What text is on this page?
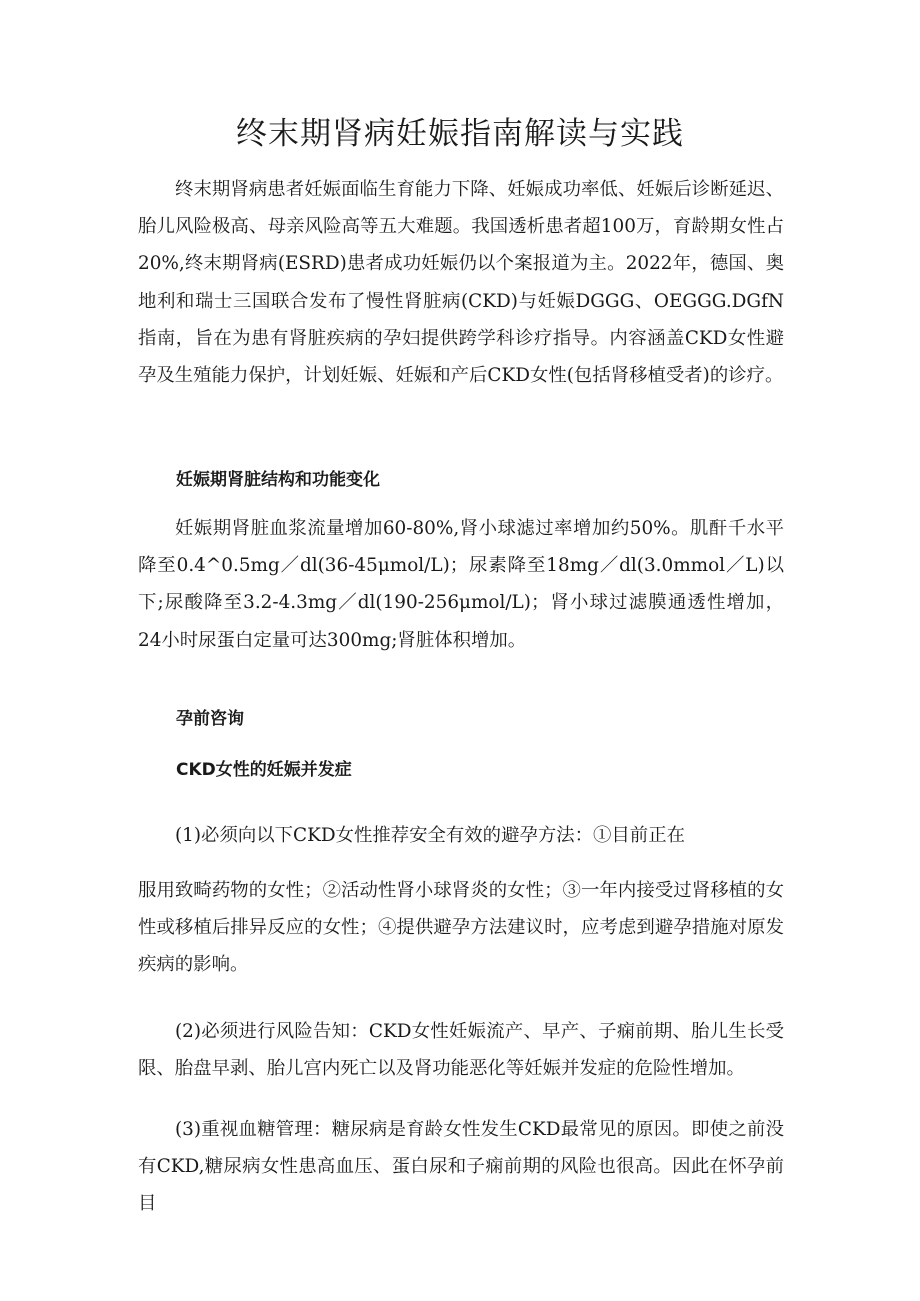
终末期肾病妊娠指南解读与实践

终末期肾病患者妊娠面临生育能力下降、妊娠成功率低、妊娠后诊断延迟、胎儿风险极高、母亲风险高等五大难题。我国透析患者超100万，育龄期女性占20%,终末期肾病(ESRD)患者成功妊娠仍以个案报道为主。2022年，德国、奥地利和瑞士三国联合发布了慢性肾脏病(CKD)与妊娠DGGG、OEGGG.DGfN指南，旨在为患有肾脏疾病的孕妇提供跨学科诊疗指导。内容涵盖CKD女性避孕及生殖能力保护，计划妊娠、妊娠和产后CKD女性(包括肾移植受者)的诊疗。

妊娠期肾脏结构和功能变化

妊娠期肾脏血浆流量增加60-80%,肾小球滤过率增加约50%。肌酐千水平降至0.4^0.5mg／dl(36-45μmol/L)；尿素降至18mg／dl(3.0mmol／L)以下;尿酸降至3.2-4.3mg／dl(190-256μmol/L)；肾小球过滤膜通透性增加，24小时尿蛋白定量可达300mg;肾脏体积增加。

孕前咨询
CKD女性的妊娠并发症

(1)必须向以下CKD女性推荐安全有效的避孕方法：①目前正在

服用致畸药物的女性；②活动性肾小球肾炎的女性；③一年内接受过肾移植的女性或移植后排异反应的女性；④提供避孕方法建议时，应考虑到避孕措施对原发疾病的影响。

(2)必须进行风险告知：CKD女性妊娠流产、早产、子痫前期、胎儿生长受限、胎盘早剥、胎儿宫内死亡以及肾功能恶化等妊娠并发症的危险性增加。

(3)重视血糖管理：糖尿病是育龄女性发生CKD最常见的原因。即使之前没有CKD,糖尿病女性患高血压、蛋白尿和子痫前期的风险也很高。因此在怀孕前目
